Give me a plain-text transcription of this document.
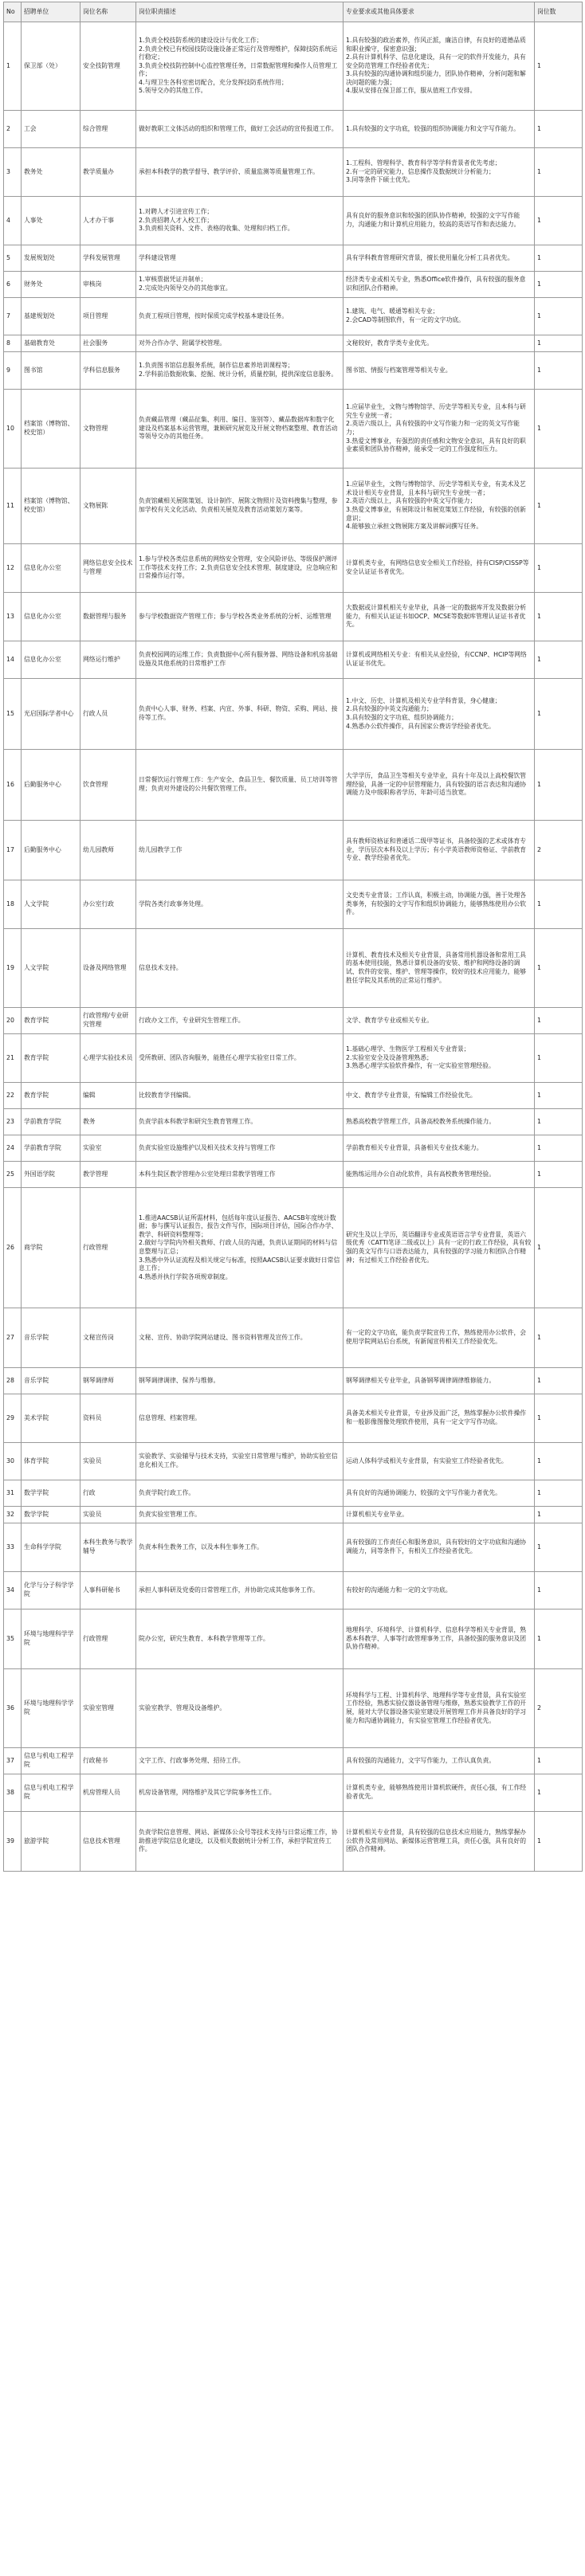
No	招聘单位	岗位名称	岗位职责描述	专业要求或其他具体要求	岗位数
1	保卫部（处）	安全技防管理	1.负责全校技防系统的建设设计与优化工作；
2.负责全校已有校园技防设施设备正常运行及管理维护，保障技防系统运行稳定；
3.负责全校技防控制中心监控管理任务，日常数据管理和操作人员管理工作；
4.与理卫生各科室密切配合，充分发挥技防系统作用；
5.领导交办的其他工作。	1.具有较强的政治素养，作风正派，廉洁自律，有良好的道德品质和职业操守，保密意识强；
2.具有计算机科学、信息化建设，具有一定的软件开发能力，具有安全防范管理工作经验者优先；
3.具有较强的沟通协调和组织能力，团队协作精神，分析问题和解决问题的能力强；
4.服从安排在保卫部工作，服从值班工作安排。	1
2	工会	综合管理	做好教职工文体活动的组织和管理工作，做好工会活动的宣传报道工作。	1.具有较强的文字功底，较强的组织协调能力和文字写作能力。	1
3	教务处	教学质量办	承担本科教学的教学督导、教学评价、质量监测等质量管理工作。	1.工程科、管理科学、教育科学等学科背景者优先考虑；
2.有一定的研究能力，信息操作及数据统计分析能力；
3.同等条件下硕士优先。	1
4	人事处	人才办干事	1.对聘人才引进宣传工作；
2.负责招聘人才入校工作；
3.负责相关资料、文件、表格的收集、处理和归档工作。	具有良好的服务意识和较强的团队协作精神，较强的文字写作能力，沟通能力和计算机应用能力，较高的英语写作和表达能力。	1
5	发展规划处	学科发展管理	学科建设管理	具有学科教育管理研究背景，擅长使用量化分析工具者优先。	1
6	财务处	审核岗	1.审核票据凭证并制单；
2.完成处内领导交办的其他事宜。	经济类专业或相关专业，熟悉Office软件操作，具有较强的服务意识和团队合作精神。	1
7	基建规划处	项目管理	负责工程项目管理，按时保质完成学校基本建设任务。	1.建筑、电气、暖通等相关专业；
2.会CAD等制图软件，有一定的文字功底。	1
8	基础教育处	社会服务	对外合作办学、附属学校管理。	文秘较好，教育学类专业优先。	1
9	图书馆	学科信息服务	1.负责图书馆信息服务系统，制作信息素养培训课程等；
2.学科前沿数据收集、挖掘、统计分析，质量控制，提供深度信息服务。	图书馆、情报与档案管理等相关专业。	1
10	档案馆（博物馆、校史馆）	文物管理	负责藏品管理（藏品征集、利用、编目、鉴别等）、藏品数据库和数字化建设及档案基本运营管理，兼顾研究展览及开展文物档案整理、教育活动等领导交办的其他任务。	1.应届毕业生，文物与博物馆学、历史学等相关专业，且本科与研究生专业统一者；
2.英语六级以上，具有较强的中文写作能力和一定的英文写作能力；
3.热爱文博事业，有强烈的责任感和文物安全意识，具有良好的职业素质和团队协作精神，能承受一定的工作强度和压力。	1
11	档案馆（博物馆、校史馆）	文物展陈	负责馆藏相关展陈策划、设计制作、展陈文物照片及资料搜集与整理，参加学校有关文化活动、负责相关展览及教育活动策划方案等。	1.应届毕业生，文物与博物馆学、历史学等相关专业，有美术及艺术设计相关专业背景，且本科与研究生专业统一者；
2.英语六级以上，具有较强的中英文写作能力；
3.热爱文博事业，有展陈设计和展览策划工作经验，有较强的创新意识；
4.能够独立承担文物展陈方案及讲解词撰写任务。	1
12	信息化办公室	网络信息安全技术与管理	1.参与学校各类信息系统的网络安全管理，安全风险评估、等级保护测评工作等技术支持工作；2.负责信息安全技术管理、制度建设，应急响应和日常操作运行等。	计算机类专业，有网络信息安全相关工作经验，持有CISP/CISSP等安全认证证书者优先。	1
13	信息化办公室	数据管理与服务	参与学校数据资产管理工作；参与学校各类业务系统的分析、运维管理	大数据或计算机相关专业毕业，具备一定的数据库开发及数据分析能力，有相关认证证书如OCP、MCSE等数据库管理认证证书者优先。	1
14	信息化办公室	网络运行维护	负责校园网的运维工作；负责数据中心所有服务器、网络设备和机房基础设施及其他系统的日常维护工作	计算机或网络相关专业：有相关从业经验，有CCNP、HCIP等网络认证证书优先。	1
15	光启国际学者中心	行政人员	负责中心人事、财务、档案、内宣、外事、科研、物资、采购、网站、接待等工作。	1.中文、历史、计算机及相关专业学科背景，身心健康；
2.具有较强的中英文沟通能力；
3.具有较强的文字功底、组织协调能力；
4.熟悉办公软件操作，具有国家公费访学经验者优先。	1
16	后勤服务中心	饮食管理	日常餐饮运行管理工作：生产安全、食品卫生、餐饮质量、员工培训等管理；负责对外建设的公共餐饮管理工作。	大学学历，食品卫生等相关专业毕业，具有十年及以上高校餐饮管理经验，具备一定的中层管理能力，具有较强的语言表达和沟通协调能力及中级职称者学历、年龄可适当放宽。	1
17	后勤服务中心	幼儿园教师	幼儿园教学工作	具有教师资格证和普通话二级甲等证书，具备较强的艺术或体育专业，学历层次本科及以上学历；有小学英语教师资格证、学前教育专业、教学经验者优先。	2
18	人文学院	办公室行政	学院各类行政事务处理。	文史类专业背景；工作认真，积极主动，协调能力强，善于处理各类事务，有较强的文字写作和组织协调能力，能够熟练使用办公软件。	1
19	人文学院	设备及网络管理	信息技术支持。	计算机、教育技术及相关专业背景，具备常用机器设备和常用工具的基本使用技能，熟悉计算机设备的安装、维护和网络设备的调试、软件的安装、维护、管理等操作，较好的技术应用能力，能够胜任学院及其系统的正常运行维护。	1
20	教育学院	行政管理/专业研究管理	行政办文工作，专业研究生管理工作。	文学、教育学专业或相关专业。	1
21	教育学院	心理学实验技术员	受所教研、团队咨询服务，能胜任心理学实验室日常工作。	1.基础心理学、生物医学工程相关专业背景；
2.实验室安全及设备管理熟悉；
3.熟悉心理学实验软件操作，有一定实验室管理经验。	1
22	教育学院	编辑	比较教育学刊编辑。	中文、教育学专业背景，有编辑工作经验优先。	1
23	学前教育学院	教务	负责学前本科教学和研究生教育管理工作。	熟悉高校教学管理工作，具备高校教务系统操作能力。	1
24	学前教育学院	实验室	负责实验室设施维护以及相关技术支持与管理工作	学前教育相关专业背景，具备相关专业技术能力。	1
25	外国语学院	教学管理	本科生院区教学管理办公室处理日常教学管理工作	能熟练运用办公自动化软件，具有高校教务管理经验。	1
26	商学院	行政管理	1.推进AACSB认证所需材料，包括每年度认证报告、AACSB年度统计数据；参与撰写认证报告，报告文件写作，国际项目评估，国际合作办学、教学、科研资料整理等；
2.做好与学院内外相关教师、行政人员的沟通，负责认证期间的材料与信息整理与汇总；
3.熟悉中外认证流程及相关规定与标准，按照AACSB认证要求做好日常信息工作；
4.熟悉并执行学院各项规章制度。	研究生及以上学历，英语翻译专业或英语语言学专业背景，英语六级优秀（CATTI笔译二级或以上）具有一定的行政工作经验，具有较强的英文写作与口语表达能力，具有较强的学习能力和团队合作精神；有过相关工作经验者优先。	1
27	音乐学院	文秘宣传岗	文秘、宣传、协助学院网站建设、图书资料管理及宣传工作。	有一定的文字功底，能负责学院宣传工作，熟练使用办公软件，会使用学院网站后台系统，有新闻宣传相关工作经验优先。	1
28	音乐学院	钢琴调律师	钢琴调律调律、保养与维修。	钢琴调律相关专业毕业，具备钢琴调律调律维修能力。	1
29	美术学院	资料员	信息管理、档案管理。	具备美术相关专业背景，专业涉及面广泛，熟练掌握办公软件操作和一般影像图像处理软件使用，具有一定文字写作功底。	1
30	体育学院	实验员	实验教学、实验辅导与技术支持，实验室日常管理与维护，协助实验室信息化相关工作。	运动人体科学或相关专业背景，有实验室工作经验者优先。	1
31	数学学院	行政	负责学院行政工作。	具有良好的沟通协调能力、较强的文字写作能力者优先。	1
32	数学学院	实验员	负责实验室管理工作。	计算机相关专业毕业。	1
33	生命科学学院	本科生教务与教学辅导	负责本科生教务工作，以及本科生事务工作。	具有较强的工作责任心和服务意识，具有较好的文字功底和沟通协调能力，同等条件下，有相关工作经验者优先。	1
34	化学与分子科学学院	人事科研秘书	承担人事科研及党委的日常管理工作，并协助完成其他事务工作。	有较好的沟通能力和一定的文字功底。	1
35	环境与地理科学学院	行政管理	院办公室，研究生教育、本科教学管理等工作。	地理科学、环境科学、计算机科学、信息科学等相关专业背景，熟悉本科教学、人事等行政管理事务工作，具备较强的服务意识及团队协作精神。	1
36	环境与地理科学学院	实验室管理	实验室教学、管理及设备维护。	环境科学与工程、计算机科学、地理科学等专业背景，具有实验室工作经验，熟悉实验仪器设备管理与维修，熟悉实验教学工作的开展，能对大学仪器设备实验室建设开展管理工作并具备良好的学习能力和沟通协调能力，有实验室管理工作经验者优先。	2
37	信息与机电工程学院	行政秘书	文字工作、行政事务处理、招待工作。	具有较强的沟通能力，文字写作能力，工作认真负责。	1
38	信息与机电工程学院	机房管理人员	机房设备管理，网络维护及其它学院事务性工作。	计算机类专业，能够熟练使用计算机软硬件，责任心强，有工作经验者优先。	1
39	旅游学院	信息技术管理	负责学院信息管理、网站、新媒体公众号等技术支持与日常运维工作，协助推进学院信息化建设，以及相关数据统计分析工作，承担学院宣传工作。	计算机相关专业背景，具有较强的信息技术应用能力，熟练掌握办公软件及常用网站、新媒体运营管理工具，责任心强，具有良好的团队合作精神。	1
